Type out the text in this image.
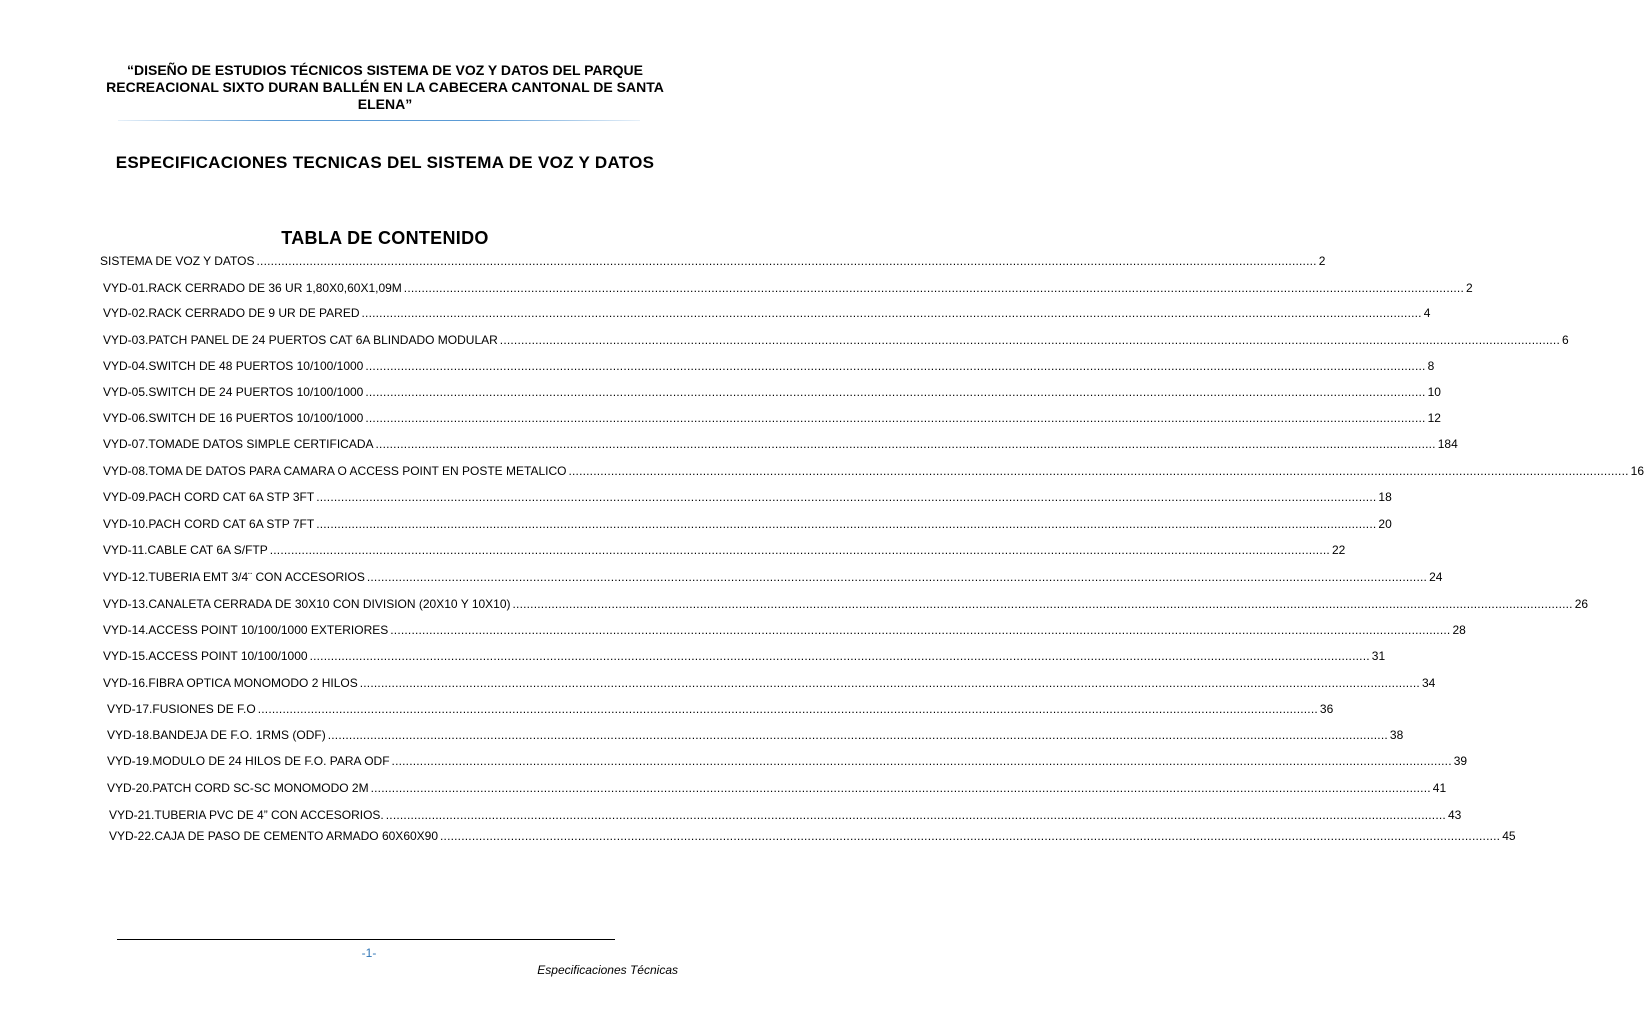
“DISEÑO DE ESTUDIOS TÉCNICOS SISTEMA DE VOZ Y DATOS DEL PARQUE RECREACIONAL SIXTO DURAN BALLÉN EN LA CABECERA CANTONAL DE SANTA ELENA”
ESPECIFICACIONES TECNICAS DEL SISTEMA DE VOZ Y DATOS
TABLA DE CONTENIDO
SISTEMA DE VOZ Y DATOS ............................................................................................................................................................................................................................................................................................................ 2
VYD-01. RACK CERRADO DE 36 UR 1,80X0,60X1,09M ............................................................................................................................................................................................................................................................................................................ 2
VYD-02. RACK CERRADO DE 9 UR DE PARED ............................................................................................................................................................................................................................................................................................................ 4
VYD-03. PATCH PANEL DE 24 PUERTOS CAT 6A BLINDADO MODULAR ............................................................................................................................................................................................................................................................................................................ 6
VYD-04. SWITCH DE 48 PUERTOS 10/100/1000 ............................................................................................................................................................................................................................................................................................................ 8
VYD-05. SWITCH DE 24 PUERTOS 10/100/1000 ............................................................................................................................................................................................................................................................................................................ 10
VYD-06. SWITCH DE 16 PUERTOS 10/100/1000 ............................................................................................................................................................................................................................................................................................................ 12
VYD-07. TOMADE DATOS SIMPLE CERTIFICADA ............................................................................................................................................................................................................................................................................................................ 184
VYD-08. TOMA DE DATOS PARA CAMARA O ACCESS POINT EN POSTE METALICO ............................................................................................................................................................................................................................................................................................................ 16
VYD-09. PACH CORD CAT 6A STP 3FT ............................................................................................................................................................................................................................................................................................................ 18
VYD-10. PACH CORD CAT 6A STP 7FT ............................................................................................................................................................................................................................................................................................................ 20
VYD-11. CABLE CAT 6A S/FTP ............................................................................................................................................................................................................................................................................................................ 22
VYD-12. TUBERIA EMT 3/4¨ CON ACCESORIOS ............................................................................................................................................................................................................................................................................................................ 24
VYD-13. CANALETA CERRADA DE 30X10 CON DIVISION (20X10 Y 10X10) ............................................................................................................................................................................................................................................................................................................ 26
VYD-14. ACCESS POINT 10/100/1000 EXTERIORES ............................................................................................................................................................................................................................................................................................................ 28
VYD-15. ACCESS POINT 10/100/1000 ............................................................................................................................................................................................................................................................................................................ 31
VYD-16. FIBRA OPTICA MONOMODO 2 HILOS ............................................................................................................................................................................................................................................................................................................ 34
VYD-17. FUSIONES DE F.O ............................................................................................................................................................................................................................................................................................................ 36
VYD-18. BANDEJA DE F.O. 1RMS (ODF) ............................................................................................................................................................................................................................................................................................................ 38
VYD-19. MODULO DE 24 HILOS DE F.O. PARA ODF ............................................................................................................................................................................................................................................................................................................ 39
VYD-20. PATCH CORD SC-SC MONOMODO 2M ............................................................................................................................................................................................................................................................................................................ 41
VYD-21. TUBERIA PVC DE 4” CON ACCESORIOS. ............................................................................................................................................................................................................................................................................................................ 43
VYD-22. CAJA DE PASO DE CEMENTO ARMADO 60X60X90 ............................................................................................................................................................................................................................................................................................................ 45
-1-
Especificaciones Técnicas
